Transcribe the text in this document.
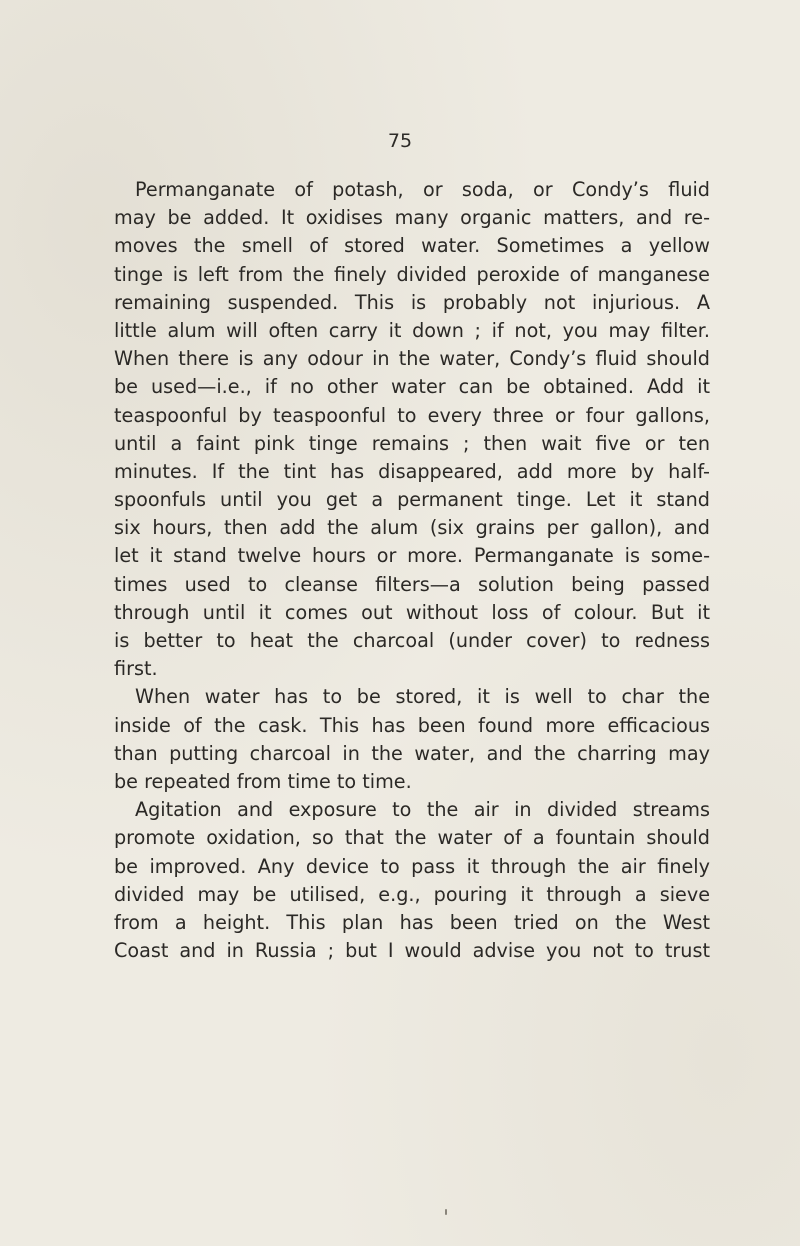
75

Permanganate of potash, or soda, or Condy’s fluid
may be added. It oxidises many organic matters, and re-
moves the smell of stored water. Sometimes a yellow
tinge is left from the finely divided peroxide of manganese
remaining suspended. This is probably not injurious. A
little alum will often carry it down ; if not, you may filter.
When there is any odour in the water, Condy’s fluid should
be used—i.e., if no other water can be obtained. Add it
teaspoonful by teaspoonful to every three or four gallons,
until a faint pink tinge remains ; then wait five or ten
minutes. If the tint has disappeared, add more by half-
spoonfuls until you get a permanent tinge. Let it stand
six hours, then add the alum (six grains per gallon), and
let it stand twelve hours or more. Permanganate is some-
times used to cleanse filters—a solution being passed
through until it comes out without loss of colour. But it
is better to heat the charcoal (under cover) to redness
first.
When water has to be stored, it is well to char the
inside of the cask. This has been found more efficacious
than putting charcoal in the water, and the charring may
be repeated from time to time.
Agitation and exposure to the air in divided streams
promote oxidation, so that the water of a fountain should
be improved. Any device to pass it through the air finely
divided may be utilised, e.g., pouring it through a sieve
from a height. This plan has been tried on the West
Coast and in Russia ; but I would advise you not to trust
